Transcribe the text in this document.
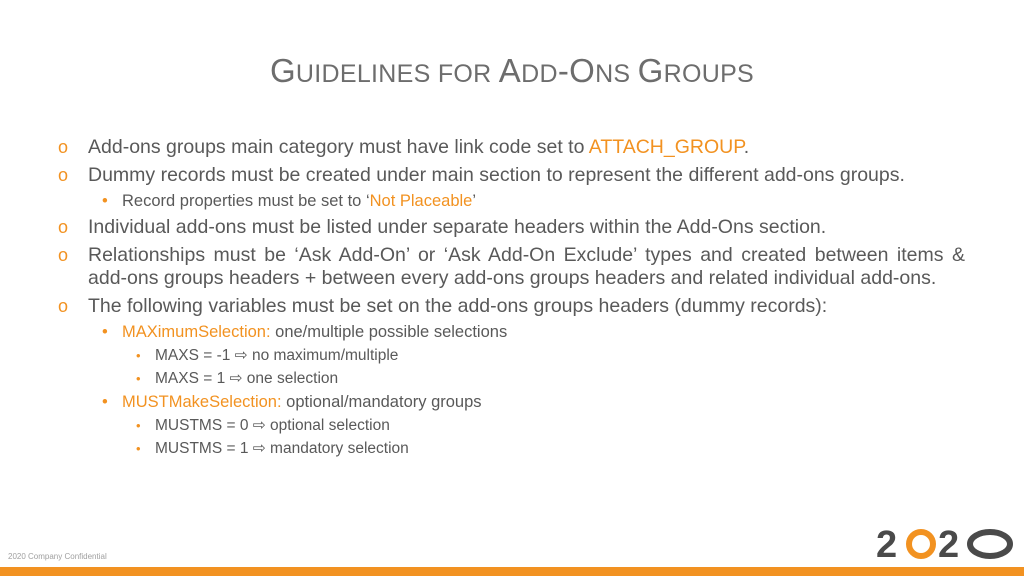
GUIDELINES FOR ADD-ONS GROUPS
o Add-ons groups main category must have link code set to ATTACH_GROUP.
o Dummy records must be created under main section to represent the different add-ons groups.
• Record properties must be set to ‘Not Placeable’
o Individual add-ons must be listed under separate headers within the Add-Ons section.
o Relationships must be ‘Ask Add-On’ or ‘Ask Add-On Exclude’ types and created between items & add-ons groups headers + between every add-ons groups headers and related individual add-ons.
o The following variables must be set on the add-ons groups headers (dummy records):
• MAXimumSelection: one/multiple possible selections
• MAXS = -1 ⇨ no maximum/multiple
• MAXS = 1 ⇨ one selection
• MUSTMakeSelection: optional/mandatory groups
• MUSTMS = 0 ⇨ optional selection
• MUSTMS = 1 ⇨ mandatory selection
2020 Company Confidential	2 2
